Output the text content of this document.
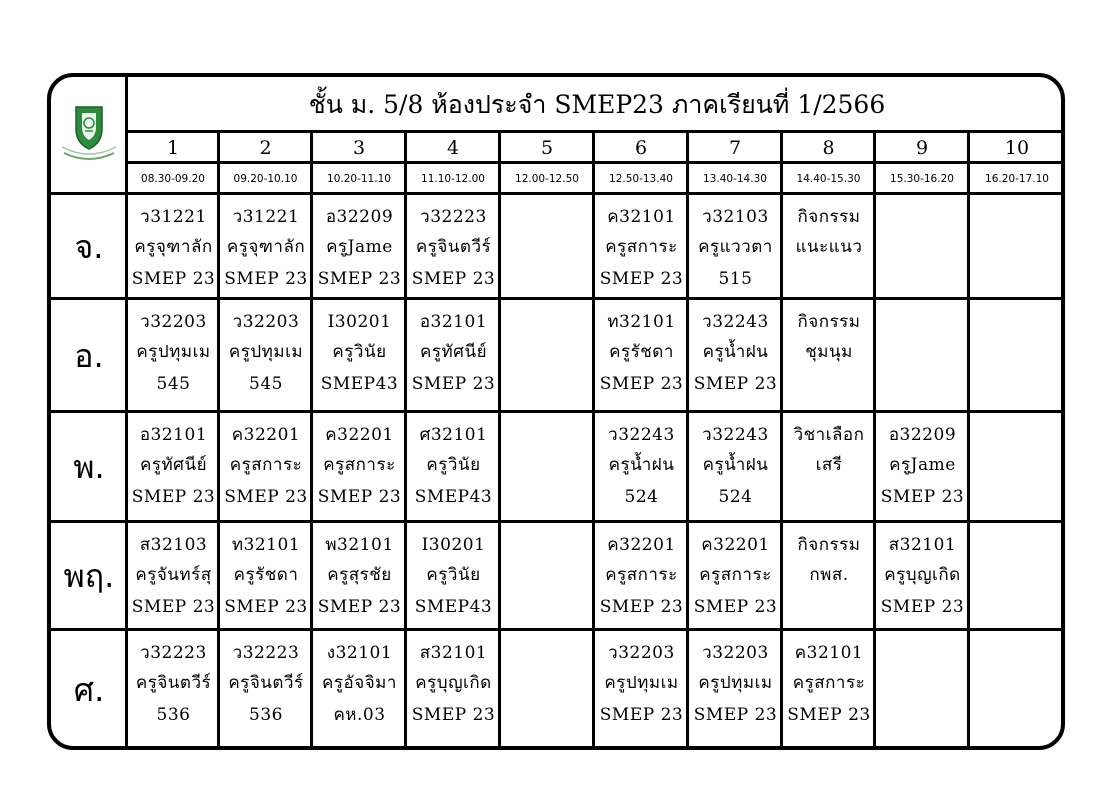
ชั้น ม. 5/8 ห้องประจำ SMEP23 ภาคเรียนที่ 1/2566
1
08.30-09.20
2
09.20-10.10
3
10.20-11.10
4
11.10-12.00
5
12.00-12.50
6
12.50-13.40
7
13.40-14.30
8
14.40-15.30
9
15.30-16.20
10
16.20-17.10
จ.
ว31221
ครูจุฑาลัก
SMEP 23
ว31221
ครูจุฑาลัก
SMEP 23
อ32209
ครูJame
SMEP 23
ว32223
ครูจินตวีร์
SMEP 23
ค32101
ครูสการะ
SMEP 23
ว32103
ครูแววตา
515
กิจกรรม
แนะแนว
อ.
ว32203
ครูปทุมเม
545
ว32203
ครูปทุมเม
545
I30201
ครูวินัย
SMEP43
อ32101
ครูทัศนีย์
SMEP 23
ท32101
ครูรัชดา
SMEP 23
ว32243
ครูน้ำฝน
SMEP 23
กิจกรรม
ชุมนุม
พ.
อ32101
ครูทัศนีย์
SMEP 23
ค32201
ครูสการะ
SMEP 23
ค32201
ครูสการะ
SMEP 23
ศ32101
ครูวินัย
SMEP43
ว32243
ครูน้ำฝน
524
ว32243
ครูน้ำฝน
524
วิชาเลือก
เสรี
อ32209
ครูJame
SMEP 23
พฤ.
ส32103
ครูจันทร์สุ
SMEP 23
ท32101
ครูรัชดา
SMEP 23
พ32101
ครูสุรชัย
SMEP 23
I30201
ครูวินัย
SMEP43
ค32201
ครูสการะ
SMEP 23
ค32201
ครูสการะ
SMEP 23
กิจกรรม
กพส.
ส32101
ครูบุญเกิด
SMEP 23
ศ.
ว32223
ครูจินตวีร์
536
ว32223
ครูจินตวีร์
536
ง32101
ครูอัจจิมา
คห.03
ส32101
ครูบุญเกิด
SMEP 23
ว32203
ครูปทุมเม
SMEP 23
ว32203
ครูปทุมเม
SMEP 23
ค32101
ครูสการะ
SMEP 23
